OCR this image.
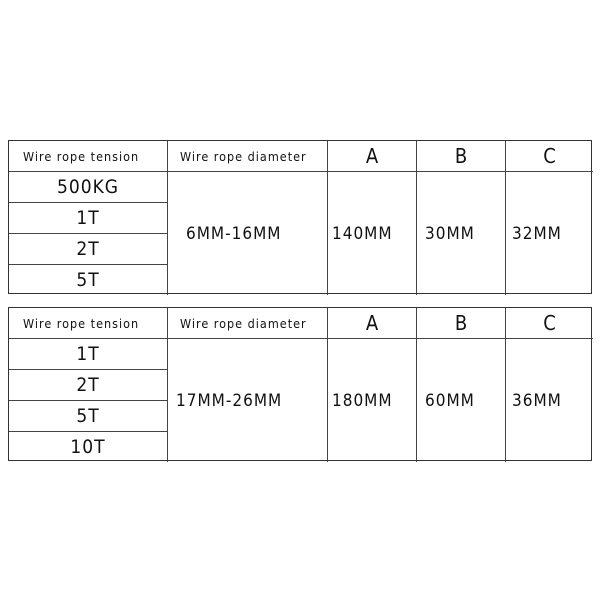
Wire rope tension	Wire rope diameter	A	B	C
500KG
1T
2T
5T
6MM-16MM	140MM	30MM	32MM
Wire rope tension	Wire rope diameter	A	B	C
1T
2T
5T
10T
17MM-26MM	180MM	60MM	36MM
